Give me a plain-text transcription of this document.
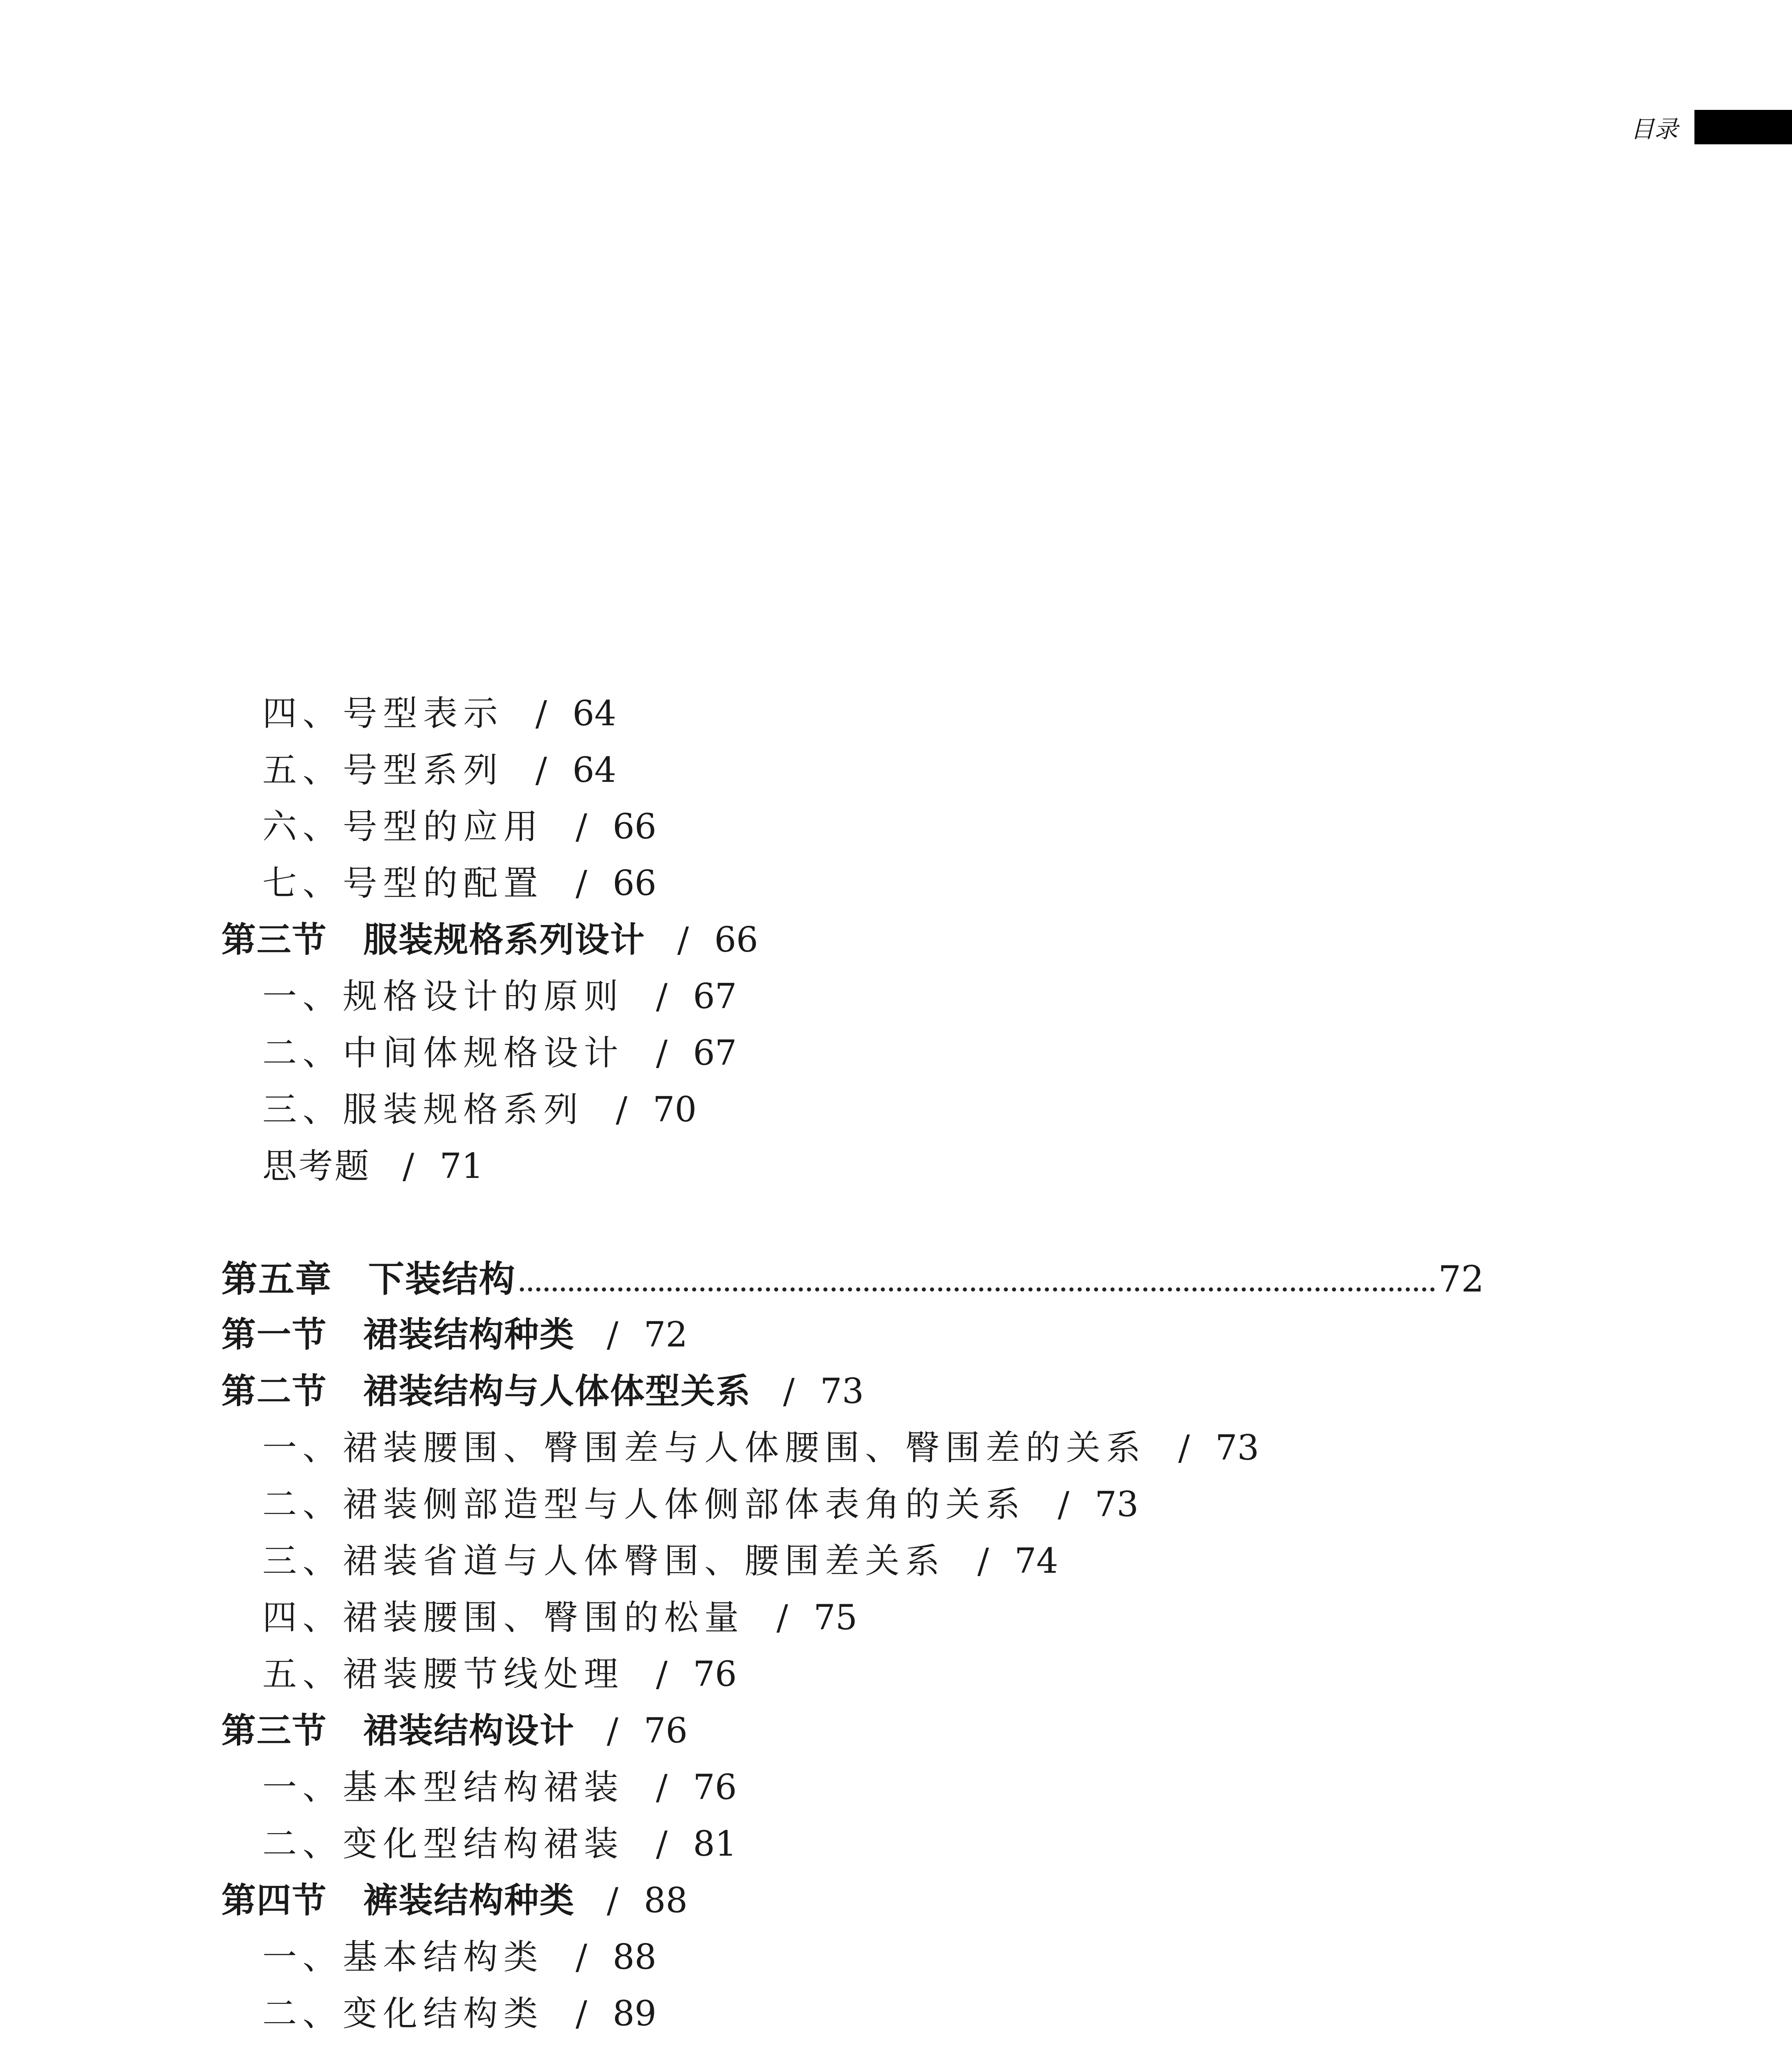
目录
四、号型表示 / 64
五、号型系列 / 64
六、号型的应用 / 66
七、号型的配置 / 66
第三节 服装规格系列设计 / 66
一、规格设计的原则 / 67
二、中间体规格设计 / 67
三、服装规格系列 / 70
思考题 / 71
第五章 下装结构	72
第一节 裙装结构种类 / 72
第二节 裙装结构与人体体型关系 / 73
一、裙装腰围、臀围差与人体腰围、臀围差的关系 / 73
二、裙装侧部造型与人体侧部体表角的关系 / 73
三、裙装省道与人体臀围、腰围差关系 / 74
四、裙装腰围、臀围的松量 / 75
五、裙装腰节线处理 / 76
第三节 裙装结构设计 / 76
一、基本型结构裙装 / 76
二、变化型结构裙装 / 81
第四节 裤装结构种类 / 88
一、基本结构类 / 88
二、变化结构类 / 89
